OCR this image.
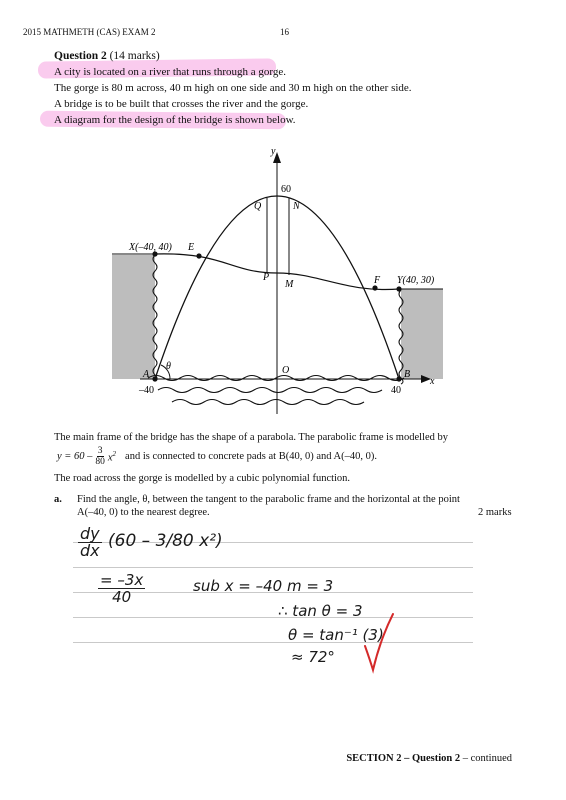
2015 MATHMETH (CAS) EXAM 2	16
Question 2 (14 marks)
A city is located on a river that runs through a gorge.
The gorge is 80 m across, 40 m high on one side and 30 m high on the other side.
A bridge is to be built that crosses the river and the gorge.
A diagram for the design of the bridge is shown below.
y
x
60
Q	N
P
M
X(–40, 40) E
F Y(40, 30)
A	O	B
θ
–40	40
The main frame of the bridge has the shape of a parabola. The parabolic frame is modelled by
$y = 60 - \frac{3}{80} x^2$ and is connected to concrete pads at B(40, 0) and A(–40, 0).
The road across the gorge is modelled by a cubic polynomial function.
a. Find the angle, θ, between the tangent to the parabolic frame and the horizontal at the point
A(–40, 0) to the nearest degree.	2 marks
dy
dx (60 – 3/80 x²)
= –3x
40
sub x = –40 m = 3
∴ tan θ = 3
θ = tan⁻¹ (3)
≈ 72°
SECTION 2 – Question 2 – continued
